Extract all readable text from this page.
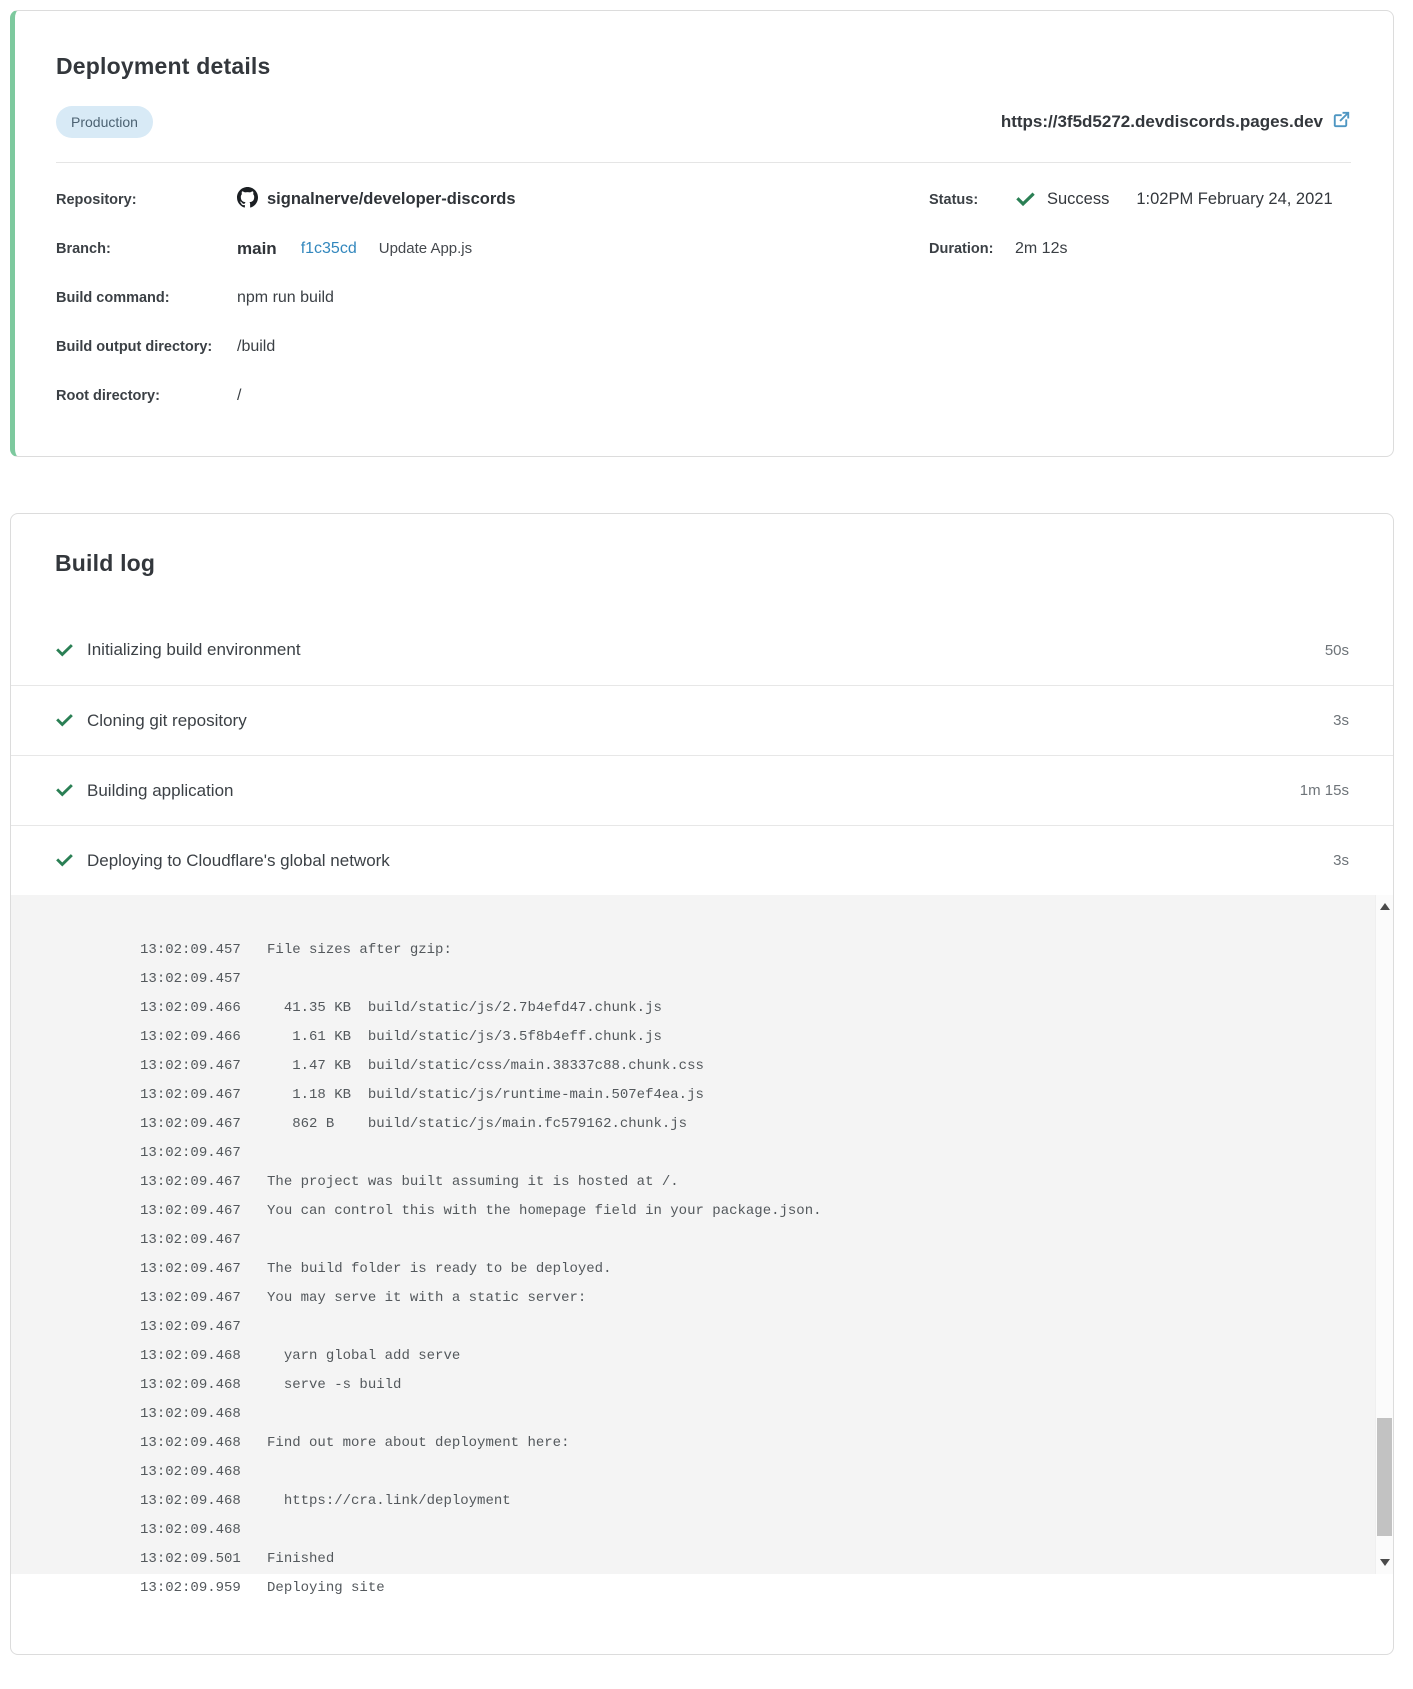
Deployment details
Production	https://3f5d5272.devdiscords.pages.dev
Repository:	signalnerve/developer-discords
Branch:	main f1c35cd Update App.js
Build command:	npm run build
Build output directory:	/build
Root directory:	/
Status:	Success 1:02PM February 24, 2021
Duration:	2m 12s
Build log
Initializing build environment	50s
Cloning git repository	3s
Building application	1m 15s
Deploying to Cloudflare's global network	3s

13:02:09.457 File sizes after gzip:

13:02:09.457

13:02:09.466  41.35 KB  build/static/js/2.7b4efd47.chunk.js

13:02:09.466   1.61 KB  build/static/js/3.5f8b4eff.chunk.js

13:02:09.467   1.47 KB  build/static/css/main.38337c88.chunk.css

13:02:09.467   1.18 KB  build/static/js/runtime-main.507ef4ea.js

13:02:09.467   862 B    build/static/js/main.fc579162.chunk.js

13:02:09.467

13:02:09.467 The project was built assuming it is hosted at /.

13:02:09.467 You can control this with the homepage field in your package.json.

13:02:09.467

13:02:09.467 The build folder is ready to be deployed.

13:02:09.467 You may serve it with a static server:

13:02:09.467

13:02:09.468  yarn global add serve

13:02:09.468  serve -s build

13:02:09.468

13:02:09.468 Find out more about deployment here:

13:02:09.468

13:02:09.468  https://cra.link/deployment

13:02:09.468

13:02:09.501 Finished

13:02:09.959 Deploying site
